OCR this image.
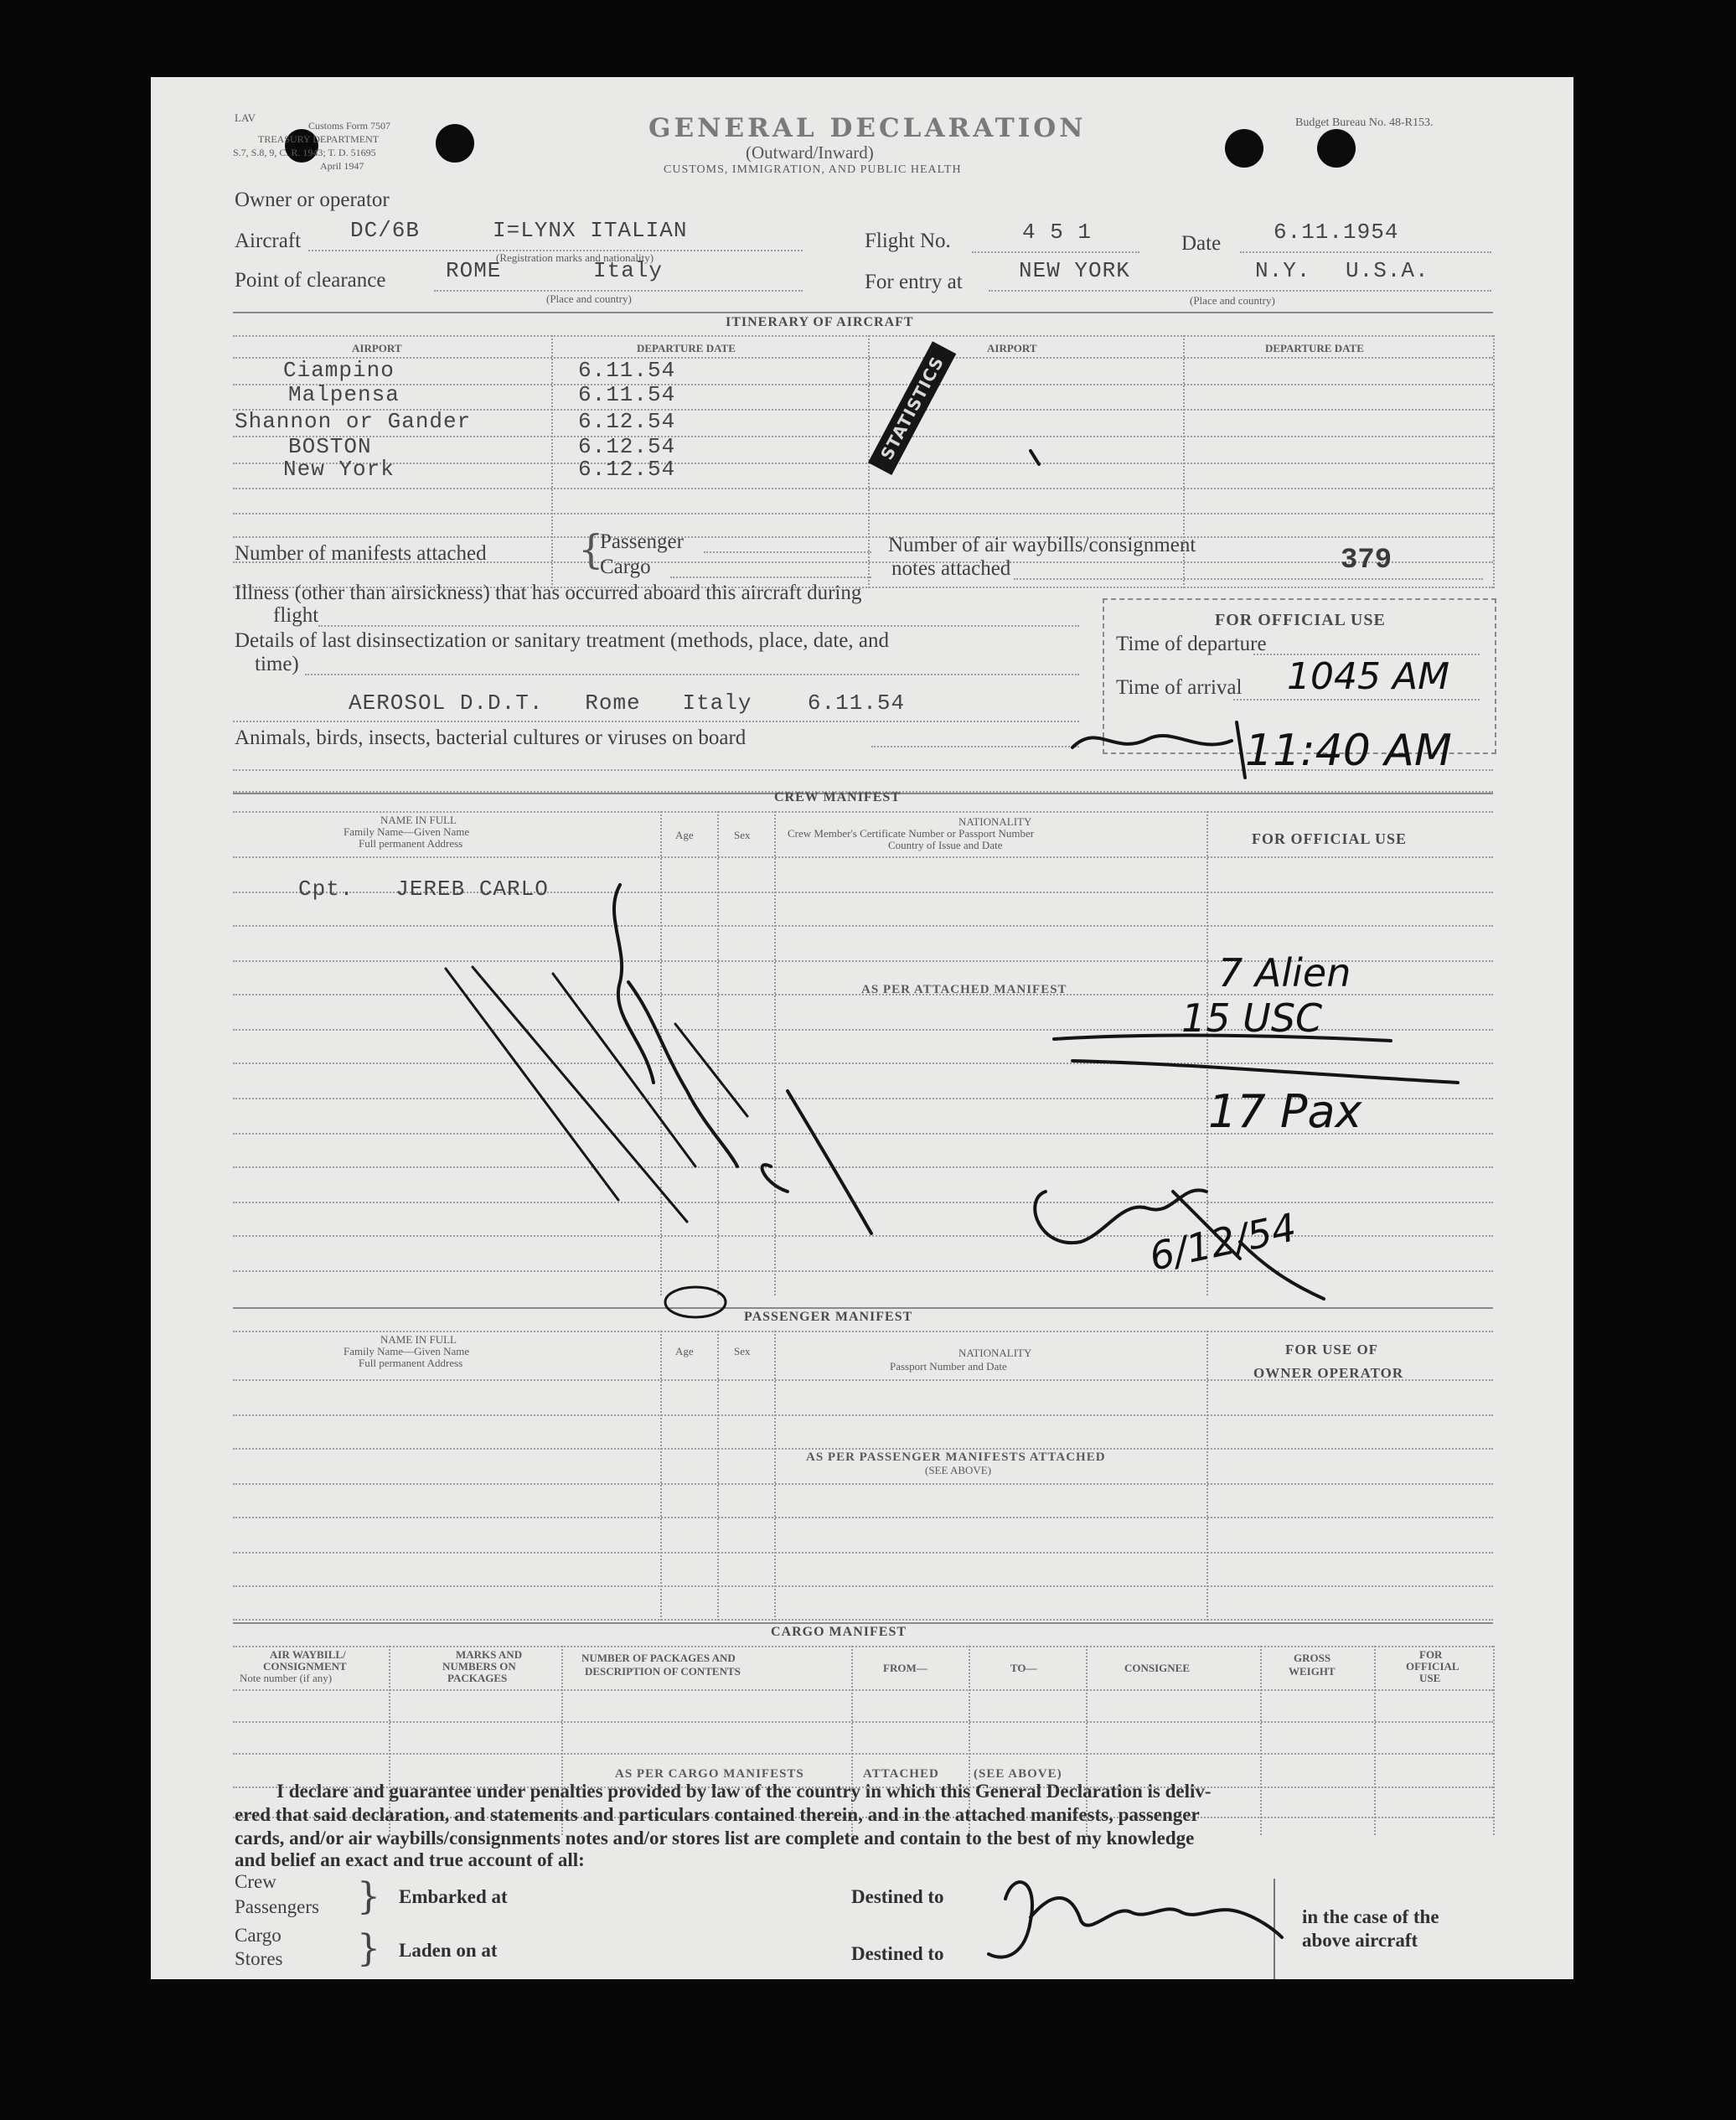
LAV
Customs Form 7507
TREASURY DEPARTMENT
S.7, S.8, 9, C. R. 1943; T. D. 51695
April 1947
GENERAL DECLARATION
(Outward/Inward)
CUSTOMS, IMMIGRATION, AND PUBLIC HEALTH
Budget Bureau No. 48-R153.
Owner or operator
Aircraft DC/6B	I=LYNX ITALIAN
(Registration marks and nationality)
Flight No.	4 5 1	Date 6.11.1954
Point of clearance	ROME	Italy
(Place and country)
For entry at	NEW YORK	N.Y. U.S.A.
(Place and country)
ITINERARY OF AIRCRAFT
AIRPORT	DEPARTURE DATE	AIRPORT	DEPARTURE DATE
Ciampino	6.11.54
Malpensa	6.11.54
Shannon or Gander	6.12.54
BOSTON	6.12.54
New York	6.12.54
STATISTICS
Number of manifests attached {
Passenger
Cargo
Number of air waybills/consignment
notes attached	379
Illness (other than airsickness) that has occurred aboard this aircraft during
flight
Details of last disinsectization or sanitary treatment (methods, place, date, and
time)
AEROSOL D.D.T.   Rome   Italy    6.11.54
Animals, birds, insects, bacterial cultures or viruses on board
FOR OFFICIAL USE
Time of departure
Time of arrival 1045 AM
11:40 AM
CREW MANIFEST
NAME IN FULL
Family Name—Given Name
Full permanent Address
Age	Sex
NATIONALITY
Crew Member's Certificate Number or Passport Number
Country of Issue and Date	FOR OFFICIAL USE
Cpt.   JEREB CARLO
AS PER ATTACHED MANIFEST	7 Alien
15 USC
17 Pax
6/12/54
PASSENGER MANIFEST
NAME IN FULL
Family Name—Given Name
Full permanent Address
Age	Sex	NATIONALITY
Passport Number and Date
FOR USE OF
OWNER OPERATOR
AS PER PASSENGER MANIFESTS ATTACHED
(SEE ABOVE)
CARGO MANIFEST
AIR WAYBILL/
CONSIGNMENT
Note number (if any)
MARKS AND
NUMBERS ON
PACKAGES
NUMBER OF PACKAGES AND
DESCRIPTION OF CONTENTS	FROM—	TO—	CONSIGNEE
GROSS
WEIGHT
FOR
OFFICIAL
USE
AS PER CARGO MANIFESTS	ATTACHED	(SEE ABOVE)
I declare and guarantee under penalties provided by law of the country in which this General Declaration is deliv-
ered that said declaration, and statements and particulars contained therein, and in the attached manifests, passenger
cards, and/or air waybills/consignments notes and/or stores list are complete and contain to the best of my knowledge
and belief an exact and true account of all:
Crew
Passengers } Embarked at
Cargo
Stores } Laden on at
Destined to
Destined to
in the case of the
above aircraft
